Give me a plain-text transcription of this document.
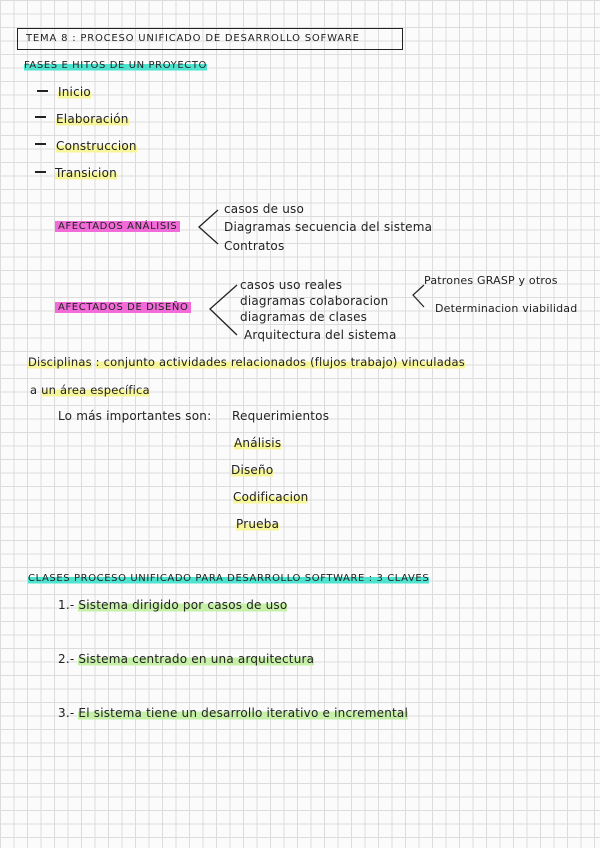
TEMA 8 : PROCESO UNIFICADO DE DESARROLLO SOFWARE
FASES E HITOS DE UN PROYECTO
Inicio
Elaboración
Construccion
Transicion
AFECTADOS ANÁLISIS
casos de uso
Diagramas secuencia del sistema
Contratos
AFECTADOS DE DISEÑO
casos uso reales
diagramas colaboracion
diagramas de clases
Arquitectura del sistema
Patrones GRASP y otros
Determinacion viabilidad
Disciplinas : conjunto actividades relacionados (flujos trabajo) vinculadas
a un área específica
Lo más importantes son: Requerimientos
Análisis
Diseño
Codificacion
Prueba
CLASES PROCESO UNIFICADO PARA DESARROLLO SOFTWARE : 3 CLAVES
1.- Sistema dirigido por casos de uso
2.- Sistema centrado en una arquitectura
3.- El sistema tiene un desarrollo iterativo e incremental
